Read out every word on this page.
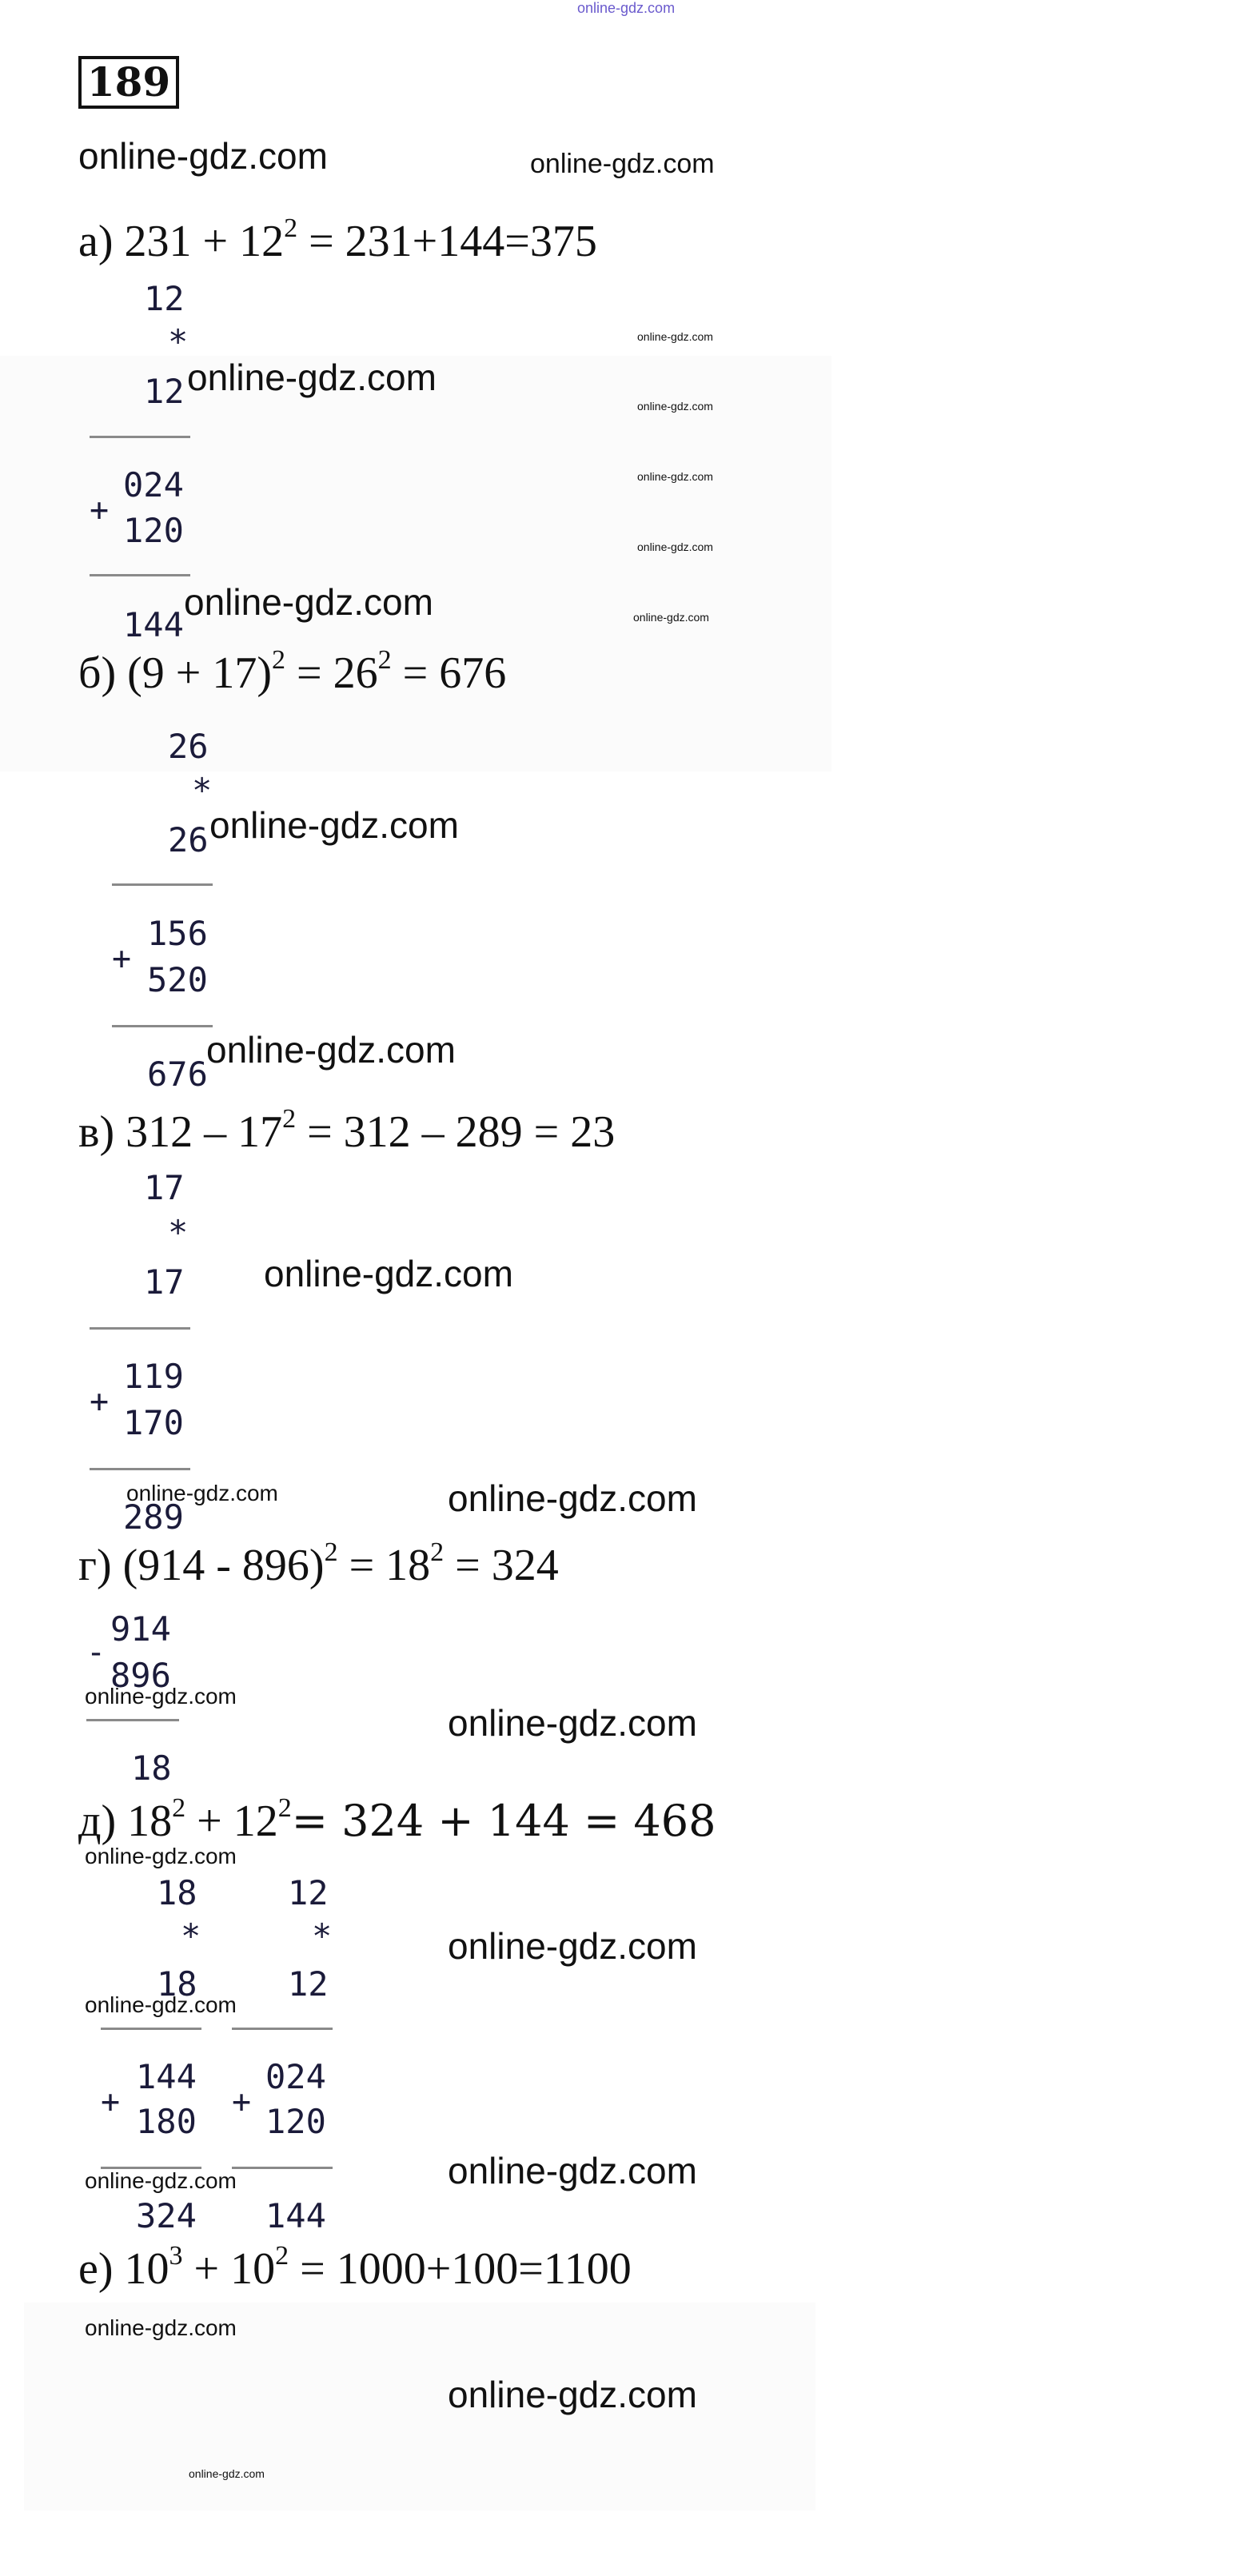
online-gdz.com
189
online-gdz.com	online-gdz.com
а) $231 + 12^2 = 231+144=375$
12
*
12
024
+
120
144
online-gdz.com
online-gdz.com
online-gdz.com
online-gdz.com
online-gdz.com
online-gdz.com
online-gdz.com
б) $(9 + 17)^2 = 26^2 = 676$
26
*
26
156
+
520
676
online-gdz.com
online-gdz.com
в) $312 - 17^2 = 312 - 289 = 23$
17
*
17
119
+
170
289
online-gdz.com
online-gdz.com	online-gdz.com
г) $(914 - 896)^2 = 18^2 = 324$
914
-
896
18
online-gdz.com
online-gdz.com
д) $18^2 + 12^2= 324 + 144 = 468$
online-gdz.com
18
*
18
144
+ 180
324
12
*
12
024
+ 120
144
online-gdz.com
online-gdz.com
online-gdz.com	online-gdz.com
е) $10^3 + 10^2 = 1000+100=1100$
online-gdz.com
online-gdz.com
online-gdz.com
